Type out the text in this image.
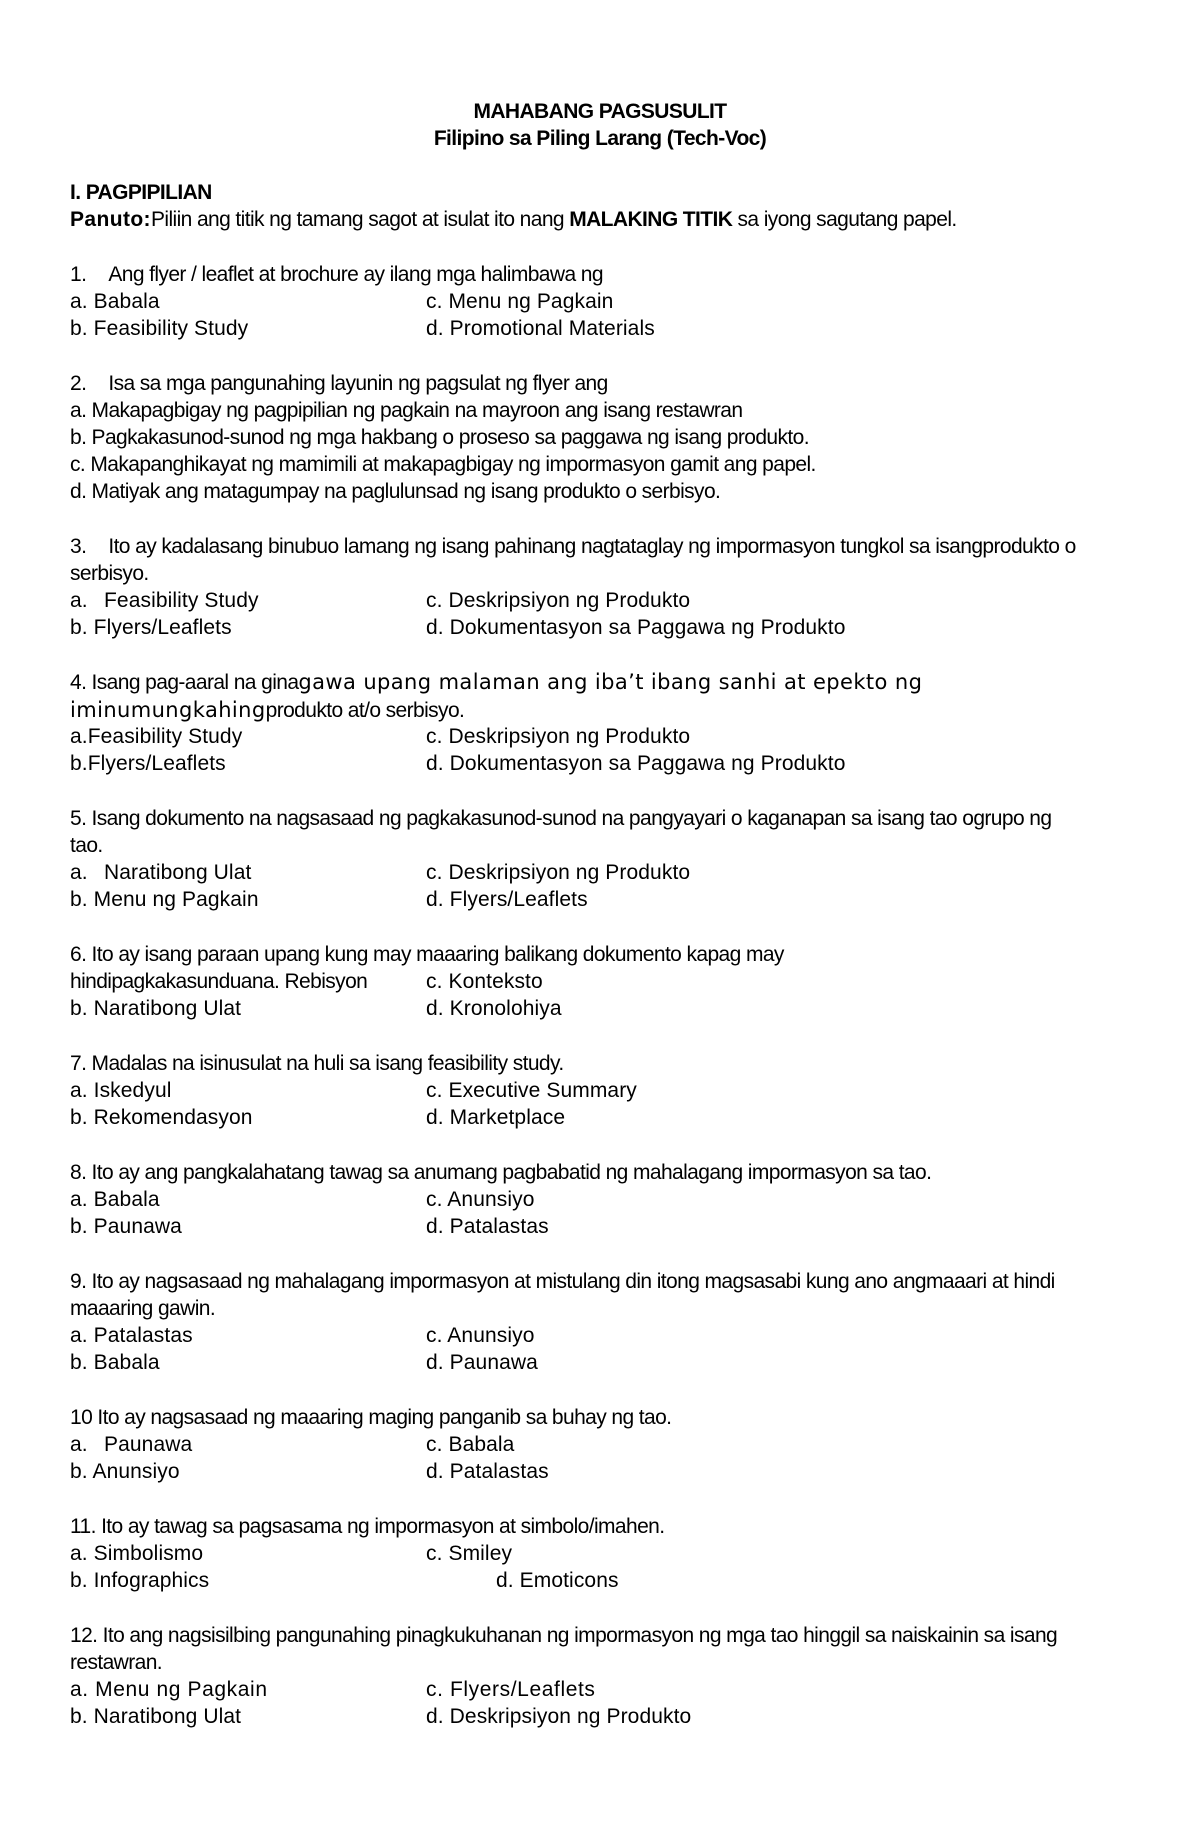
MAHABANG PAGSUSULIT
Filipino sa Piling Larang (Tech-Voc)
I. PAGPIPILIAN
Panuto:Piliin ang titik ng tamang sagot at isulat ito nang MALAKING TITIK sa iyong sagutang papel.
1. Ang flyer / leaflet at brochure ay ilang mga halimbawa ng
a. Babala	c. Menu ng Pagkain
b. Feasibility Study	d. Promotional Materials
2. Isa sa mga pangunahing layunin ng pagsulat ng flyer ang
a. Makapagbigay ng pagpipilian ng pagkain na mayroon ang isang restawran
b. Pagkakasunod-sunod ng mga hakbang o proseso sa paggawa ng isang produkto.
c. Makapanghikayat ng mamimili at makapagbigay ng impormasyon gamit ang papel.
d. Matiyak ang matagumpay na paglulunsad ng isang produkto o serbisyo.
3. Ito ay kadalasang binubuo lamang ng isang pahinang nagtataglay ng impormasyon tungkol sa isangprodukto o
serbisyo.
a. Feasibility Study	c. Deskripsiyon ng Produkto
b. Flyers/Leaflets	d. Dokumentasyon sa Paggawa ng Produkto
4. Isang pag-aaral na ginagawa upang malaman ang iba’t ibang sanhi at epekto ng
iminumungkahingprodukto at/o serbisyo.
a.Feasibility Study	c. Deskripsiyon ng Produkto
b.Flyers/Leaflets	d. Dokumentasyon sa Paggawa ng Produkto
5. Isang dokumento na nagsasaad ng pagkakasunod-sunod na pangyayari o kaganapan sa isang tao ogrupo ng
tao.
a. Naratibong Ulat	c. Deskripsiyon ng Produkto
b. Menu ng Pagkain	d. Flyers/Leaflets
6. Ito ay isang paraan upang kung may maaaring balikang dokumento kapag may
hindipagkakasunduana. Rebisyon	c. Konteksto
b. Naratibong Ulat	d. Kronolohiya
7. Madalas na isinusulat na huli sa isang feasibility study.
a. Iskedyul	c. Executive Summary
b. Rekomendasyon	d. Marketplace
8. Ito ay ang pangkalahatang tawag sa anumang pagbabatid ng mahalagang impormasyon sa tao.
a. Babala	c. Anunsiyo
b. Paunawa	d. Patalastas
9. Ito ay nagsasaad ng mahalagang impormasyon at mistulang din itong magsasabi kung ano angmaaari at hindi
maaaring gawin.
a. Patalastas	c. Anunsiyo
b. Babala	d. Paunawa
10 Ito ay nagsasaad ng maaaring maging panganib sa buhay ng tao.
a. Paunawa	c. Babala
b. Anunsiyo	d. Patalastas
11. Ito ay tawag sa pagsasama ng impormasyon at simbolo/imahen.
a. Simbolismo	c. Smiley
b. Infographics	d. Emoticons
12. Ito ang nagsisilbing pangunahing pinagkukuhanan ng impormasyon ng mga tao hinggil sa naiskainin sa isang
restawran.
a. Menu ng Pagkain	c. Flyers/Leaflets
b. Naratibong Ulat	d. Deskripsiyon ng Produkto
